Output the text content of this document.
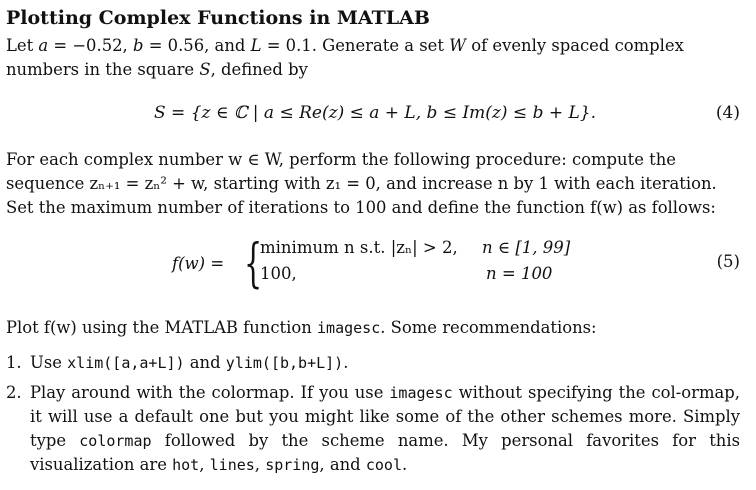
Plotting Complex Functions in MATLAB

Let a = −0.52, b = 0.56, and L = 0.1. Generate a set W of evenly spaced complex
numbers in the square S, defined by

S = {z ∈ ℂ | a ≤ Re(z) ≤ a + L, b ≤ Im(z) ≤ b + L}.	(4)

For each complex number w ∈ W, perform the following procedure: compute the
sequence zₙ₊₁ = zₙ² + w, starting with z₁ = 0, and increase n by 1 with each iteration.
Set the maximum number of iterations to 100 and define the function f(w) as follows:

f(w) = {
minimum n s.t. |zₙ| > 2, n ∈ [1, 99]
100,	n = 100
(5)

Plot f(w) using the MATLAB function imagesc. Some recommendations:

1. Use xlim([a,a+L]) and ylim([b,b+L]).
2. Play around with the colormap. If you use imagesc without specifying the col-ormap, it will use a default one but you might like some of the other schemes more. Simply type colormap followed by the scheme name. My personal favorites for this visualization are hot, lines, spring, and cool.
